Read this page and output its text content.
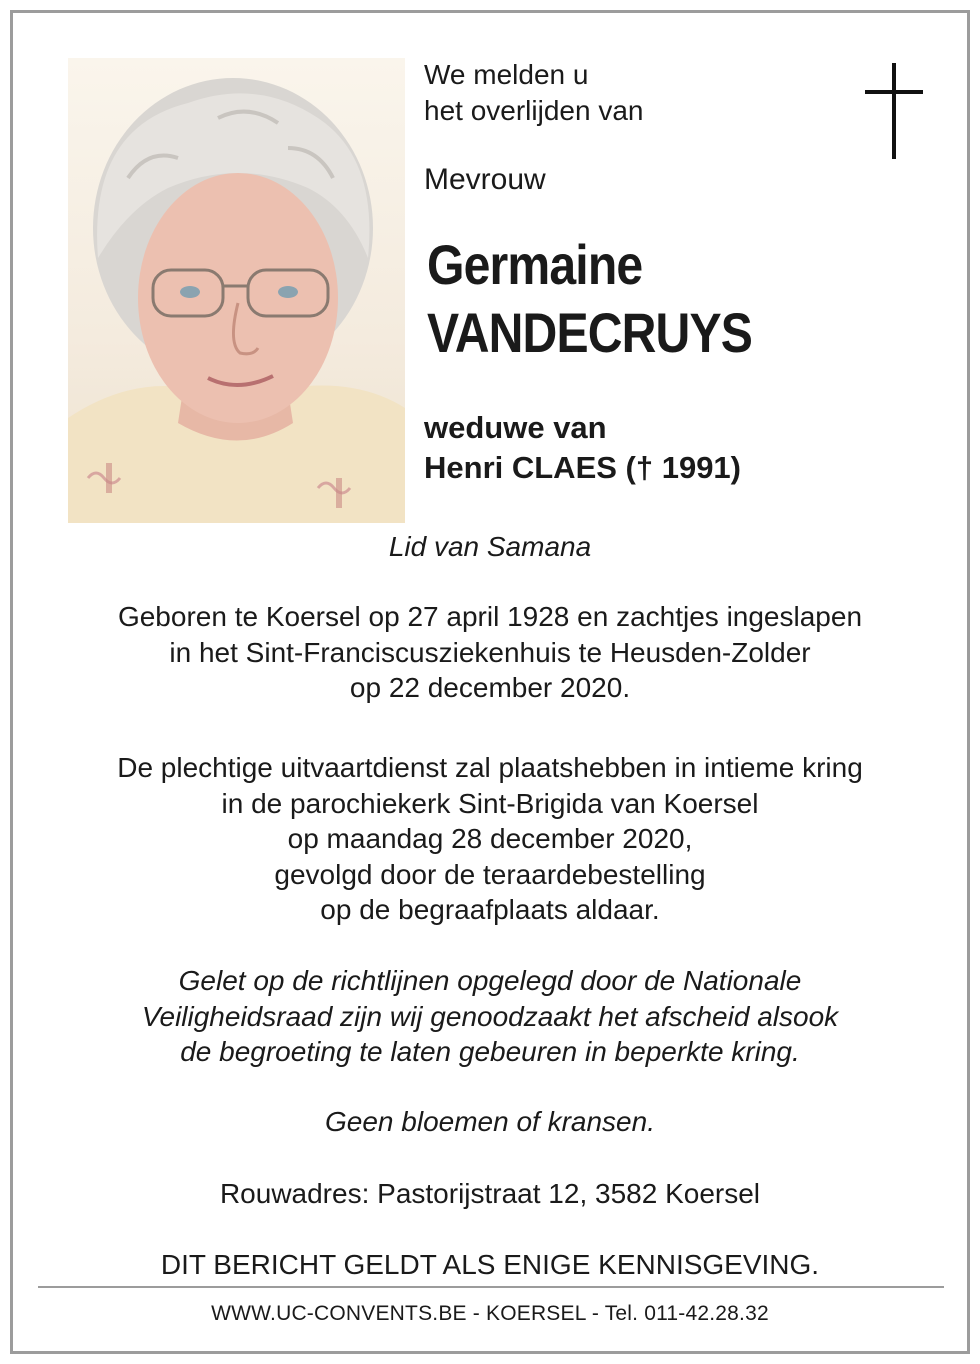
We melden u
het overlijden van
Mevrouw
Germaine
VANDECRUYS
weduwe van
Henri CLAES († 1991)
Lid van Samana
Geboren te Koersel op 27 april 1928 en zachtjes ingeslapen
in het Sint-Franciscusziekenhuis te Heusden-Zolder
op 22 december 2020.
De plechtige uitvaartdienst zal plaatshebben in intieme kring
in de parochiekerk Sint-Brigida van Koersel
op maandag 28 december 2020,
gevolgd door de teraardebestelling
op de begraafplaats aldaar.
Gelet op de richtlijnen opgelegd door de Nationale
Veiligheidsraad zijn wij genoodzaakt het afscheid alsook
de begroeting te laten gebeuren in beperkte kring.
Geen bloemen of kransen.
Rouwadres: Pastorijstraat 12, 3582 Koersel
DIT BERICHT GELDT ALS ENIGE KENNISGEVING.
WWW.UC-CONVENTS.BE - KOERSEL - Tel. 011-42.28.32
